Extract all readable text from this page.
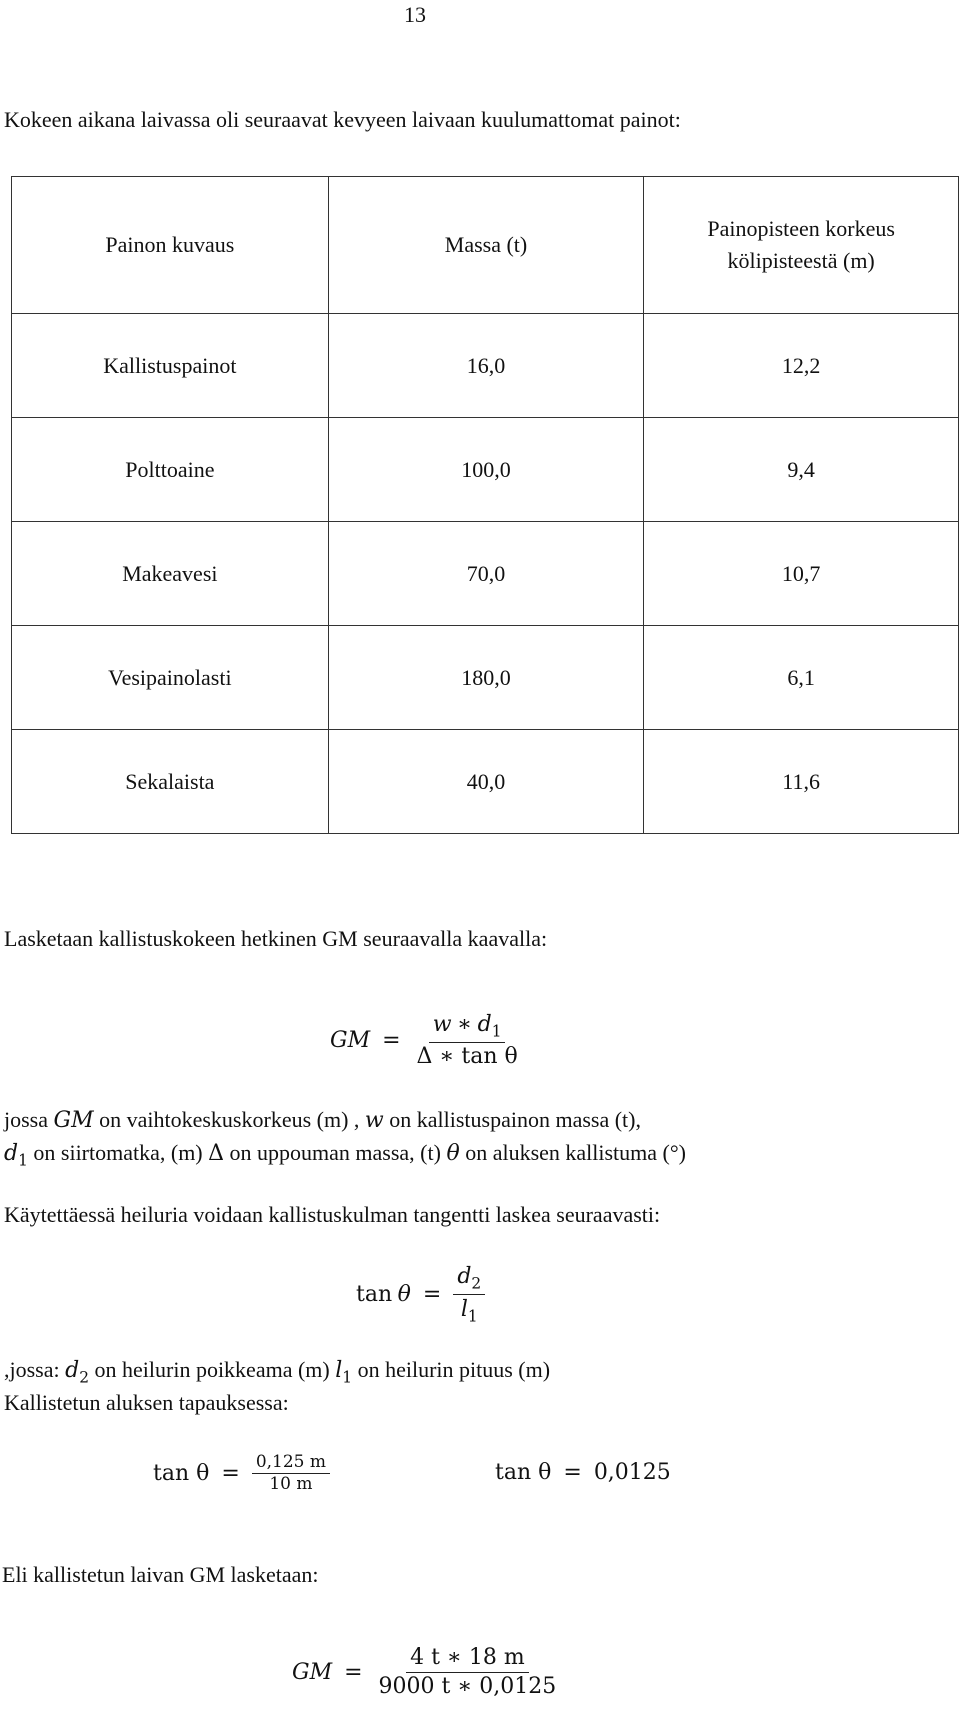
13
Kokeen aikana laivassa oli seuraavat kevyeen laivaan kuulumattomat painot:
Painon kuvaus	Massa (t)	Painopisteen korkeus
kölipisteestä (m)
Kallistuspainot	16,0	12,2
Polttoaine	100,0	9,4
Makeavesi	70,0	10,7
Vesipainolasti	180,0	6,1
Sekalaista	40,0	11,6
Lasketaan kallistuskokeen hetkinen GM seuraavalla kaavalla:
GM = $\frac{w ∗ d_1}{\text{Δ ∗ tan θ}}$
jossa GM on vaihtokeskuskorkeus (m) , w on kallistuspainon massa (t),
$d_1$ on siirtomatka, (m) Δ on uppouman massa, (t) θ on aluksen kallistuma (°)
Käytettäessä heiluria voidaan kallistuskulman tangentti laskea seuraavasti:
$\tan \theta = \frac{d_2}{l_1}$
,jossa: $d_2$ on heilurin poikkeama (m) $l_1$ on heilurin pituus (m)
Kallistetun aluksen tapauksessa:
$\tan \theta = \frac{0,125 m}{10 m}$	tan θ = 0,0125
Eli kallistetun laivan GM lasketaan:
GM = $\frac{4 t ∗ 18 m}{9000 t ∗ 0,0125}$
